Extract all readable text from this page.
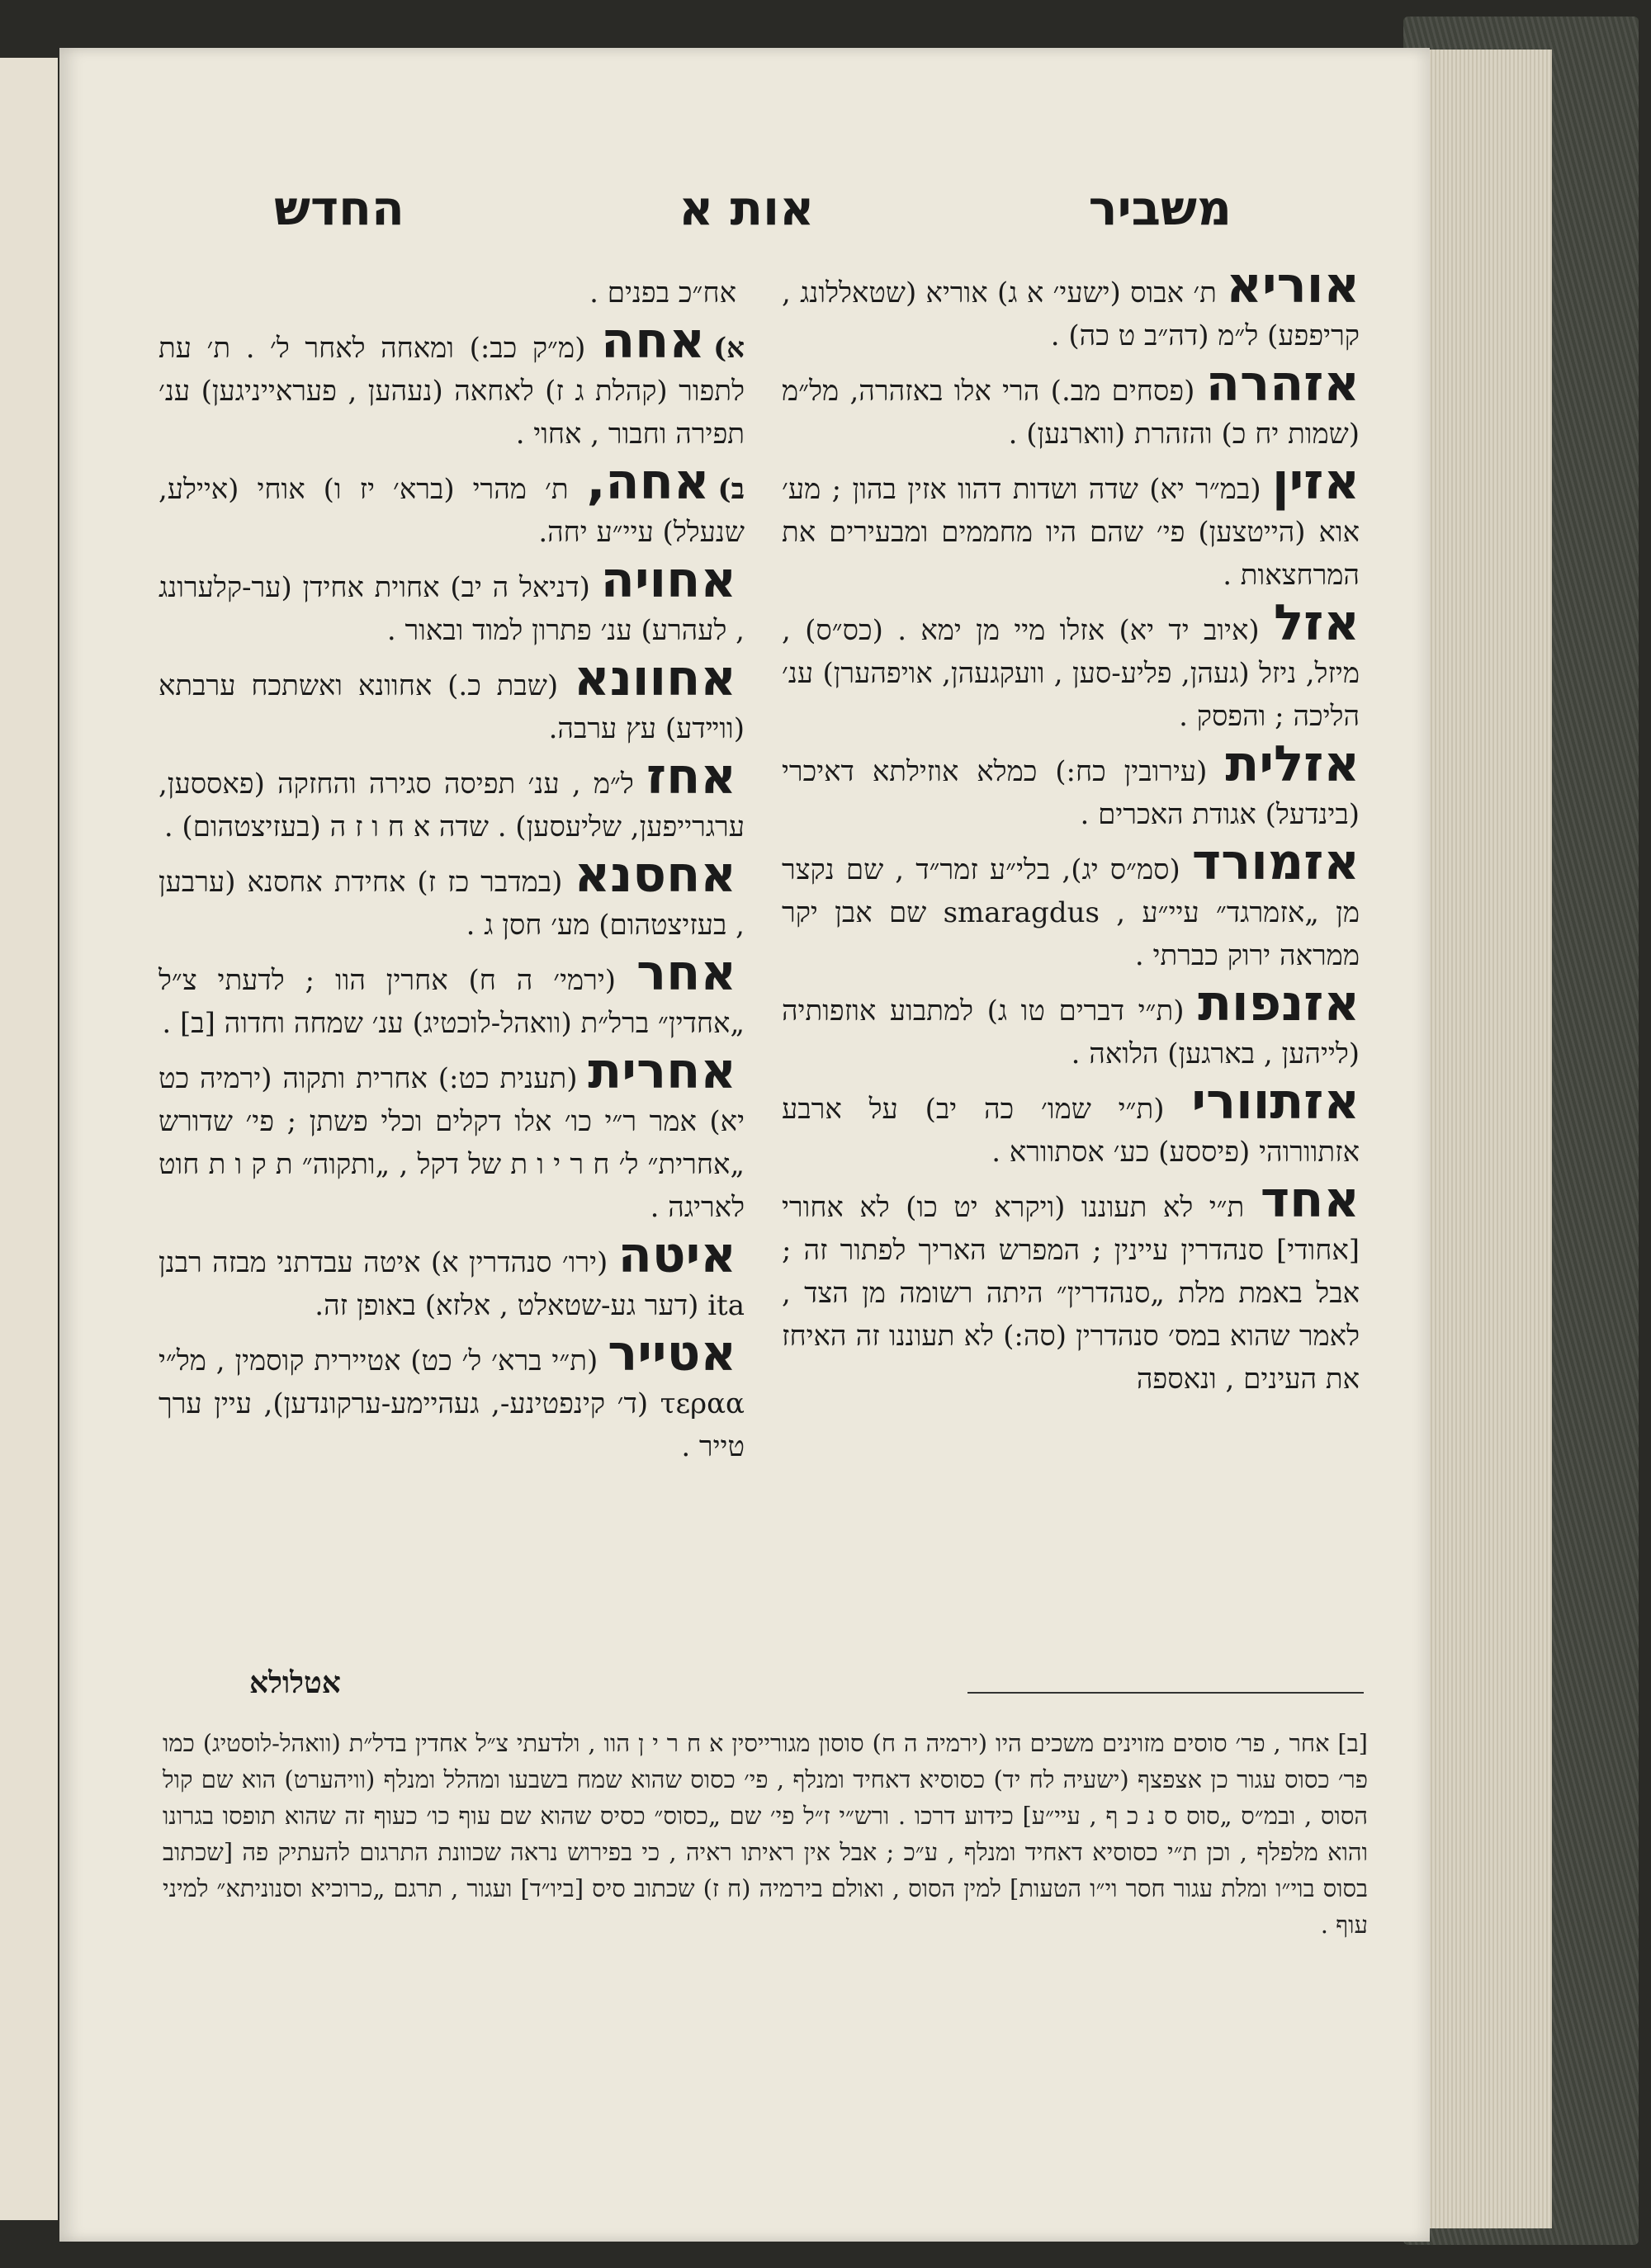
משביר
אות א
החדש

אוריא ת׳ אבוס (ישעי׳ א ג) אוריא (שטאללונג , קריפפע) ל״מ (דה״ב ט כה) .

אזהרה (פסחים מב.) הרי אלו באזהרה, מל״מ (שמות יח כ) והזהרת (ווארנען) .

אזין (במ״ר יא) שדה ושדות דהוו אזין בהון ; מע׳ אוא (הייטצען) פי׳ שהם היו מחממים ומבעירים את המרחצאות .

אזל (איוב יד יא) אזלו מיי מן ימא . (כס״ס) , מיזל, ניזל (געהן, פליע-סען , וועקגעהן, אויפהערן) ענ׳ הליכה ; והפסק .

אזלית (עירובין כח:) כמלא אוזילתא דאיכרי (בינדעל) אגודת האכרים .

אזמורד (סמ״ס יג), בלי״ע זמר״ד , שם נקצר מן „אזמרגד״ עיי״ע , smaragdus שם אבן יקר ממראה ירוק כברתי .

אזנפות (ת״י דברים טו ג) למתבוע אוזפותיה (לייהען , בארגען) הלואה .

אזתוורי (ת״י שמו׳ כה יב) על ארבע אזתוורוהי (פיססע) כע׳ אסתוורא .

אחד ת״י לא תעוננו (ויקרא יט כו) לא אחורי [אחודי] סנהדרין עיינין ; המפרש האריך לפתור זה ; אבל באמת מלת „סנהדרין״ היתה רשומה מן הצד , לאמר שהוא במס׳ סנהדרין (סה:) לא תעוננו זה האיחז את העינים , ונאספה

אח״כ בפנים .

א)אחה (מ״ק כב:) ומאחה לאחר ל׳ . ת׳ עת לתפור (קהלת ג ז) לאחאה (נעהען , פעראייניגען) ענ׳ תפירה וחבור , אחוי .

ב)אחה, ת׳ מהרי (ברא׳ יז ו) אוחי (איילע, שנעלל) עיי״ע יחה.

אחויה (דניאל ה יב) אחוית אחידן (ער-קלערונג , לעהרע) ענ׳ פתרון למוד ובאור .

אחוונא (שבת כ.) אחוונא ואשתכח ערבתא (ווײדע) עץ ערבה.

אחז ל״מ , ענ׳ תפיסה סגירה והחזקה (פאססען, ערגרייפען, שליעסען) . שדה א ח ו ז ה (בעזיצטהום) .

אחסנא (במדבר כז ז) אחידת אחסנא (ערבען , בעזיצטהום) מע׳ חסן ג .

אחר (ירמי׳ ה ח) אחרין הוו ; לדעתי צ״ל „אחדין״ ברל״ת (וואהל-לוכטיג) ענ׳ שמחה וחדוה [ב] .

אחרית (תענית כט:) אחרית ותקוה (ירמיה כט יא) אמר ר״י כו׳ אלו דקלים וכלי פשתן ; פי׳ שדורש „אחרית״ ל׳ ח ר י ו ת של דקל , „ותקוה״ ת ק ו ת חוט לאריגה .

איטה (ירו׳ סנהדרין א) איטה עבדתני מבזה רבנן ita (דער גע-שטאלט , אלזא) באופן זה.

אטייר (ת״י ברא׳ ל׳ כט) אטיירית קוסמין , מל״י τεραα (ד׳ קינפטינע-, געהיימע-ערקונדען), עיין ערך טייר .

אטלולא
[ב] אחר , פר׳ סוסים מזוינים משכים היו (ירמיה ה ח) סוסון מגורייסין א ח ר י ן הוו , ולדעתי צ״ל אחדין בדל״ת (וואהל-לוסטיג) כמו פר׳ כסוס עגור כן אצפצף (ישעיה לח יד) כסוסיא דאחיד ומנלף , פי׳ כסוס שהוא שמח בשבעו ומהלל ומנלף (וויהערט) הוא שם קול הסוס , ובמ״ס „סוס ס נ כ ף , עיי״ע] כידוע דרכו . ורש״י ז״ל פי׳ שם „כסוס״ כסיס שהוא שם עוף כו׳ כעוף זה שהוא תופסו בגרונו והוא מלפלף , וכן ת״י כסוסיא דאחיד ומנלף , ע״כ ; אבל אין ראיתו ראיה , כי בפירוש נראה שכוונת התרגום להעתיק פה [שכתוב בסוס בוי״ו ומלת עגור חסר וי״ו הטעות] למין הסוס , ואולם בירמיה (ח ז) שכתוב סיס [ביו״ד] ועגור , תרגם „כרוכיא וסנוניתא״ למיני עוף .
